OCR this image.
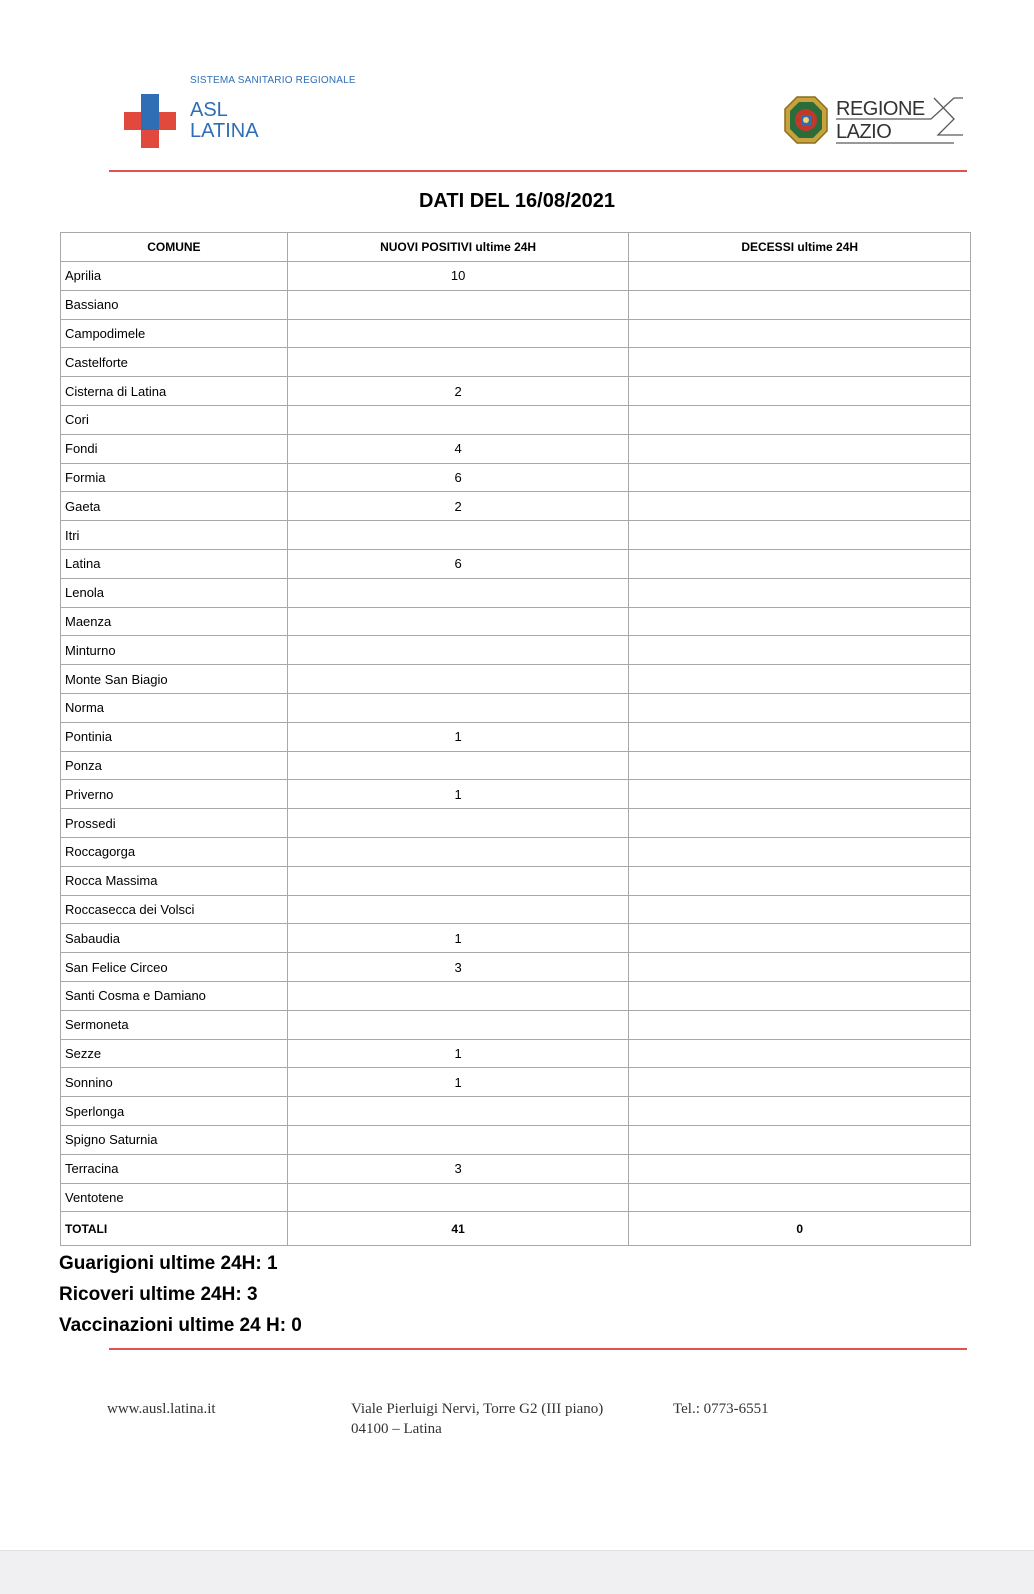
SISTEMA SANITARIO REGIONALE
ASL
LATINA
REGIONE
LAZIO
DATI DEL 16/08/2021
COMUNE	NUOVI POSITIVI ultime 24H	DECESSI ultime 24H
Aprilia	10	
Bassiano		
Campodimele		
Castelforte		
Cisterna di Latina	2	
Cori		
Fondi	4	
Formia	6	
Gaeta	2	
Itri		
Latina	6	
Lenola		
Maenza		
Minturno		
Monte San Biagio		
Norma		
Pontinia	1	
Ponza		
Priverno	1	
Prossedi		
Roccagorga		
Rocca Massima		
Roccasecca dei Volsci		
Sabaudia	1	
San Felice Circeo	3	
Santi Cosma e Damiano		
Sermoneta		
Sezze	1	
Sonnino	1	
Sperlonga		
Spigno Saturnia		
Terracina	3	
Ventotene		
TOTALI	41	0
Guarigioni ultime 24H: 1
Ricoveri ultime 24H: 3
Vaccinazioni ultime 24 H: 0
www.ausl.latina.it	Viale Pierluigi Nervi, Torre G2 (III piano)
04100 – Latina
Tel.: 0773-6551
